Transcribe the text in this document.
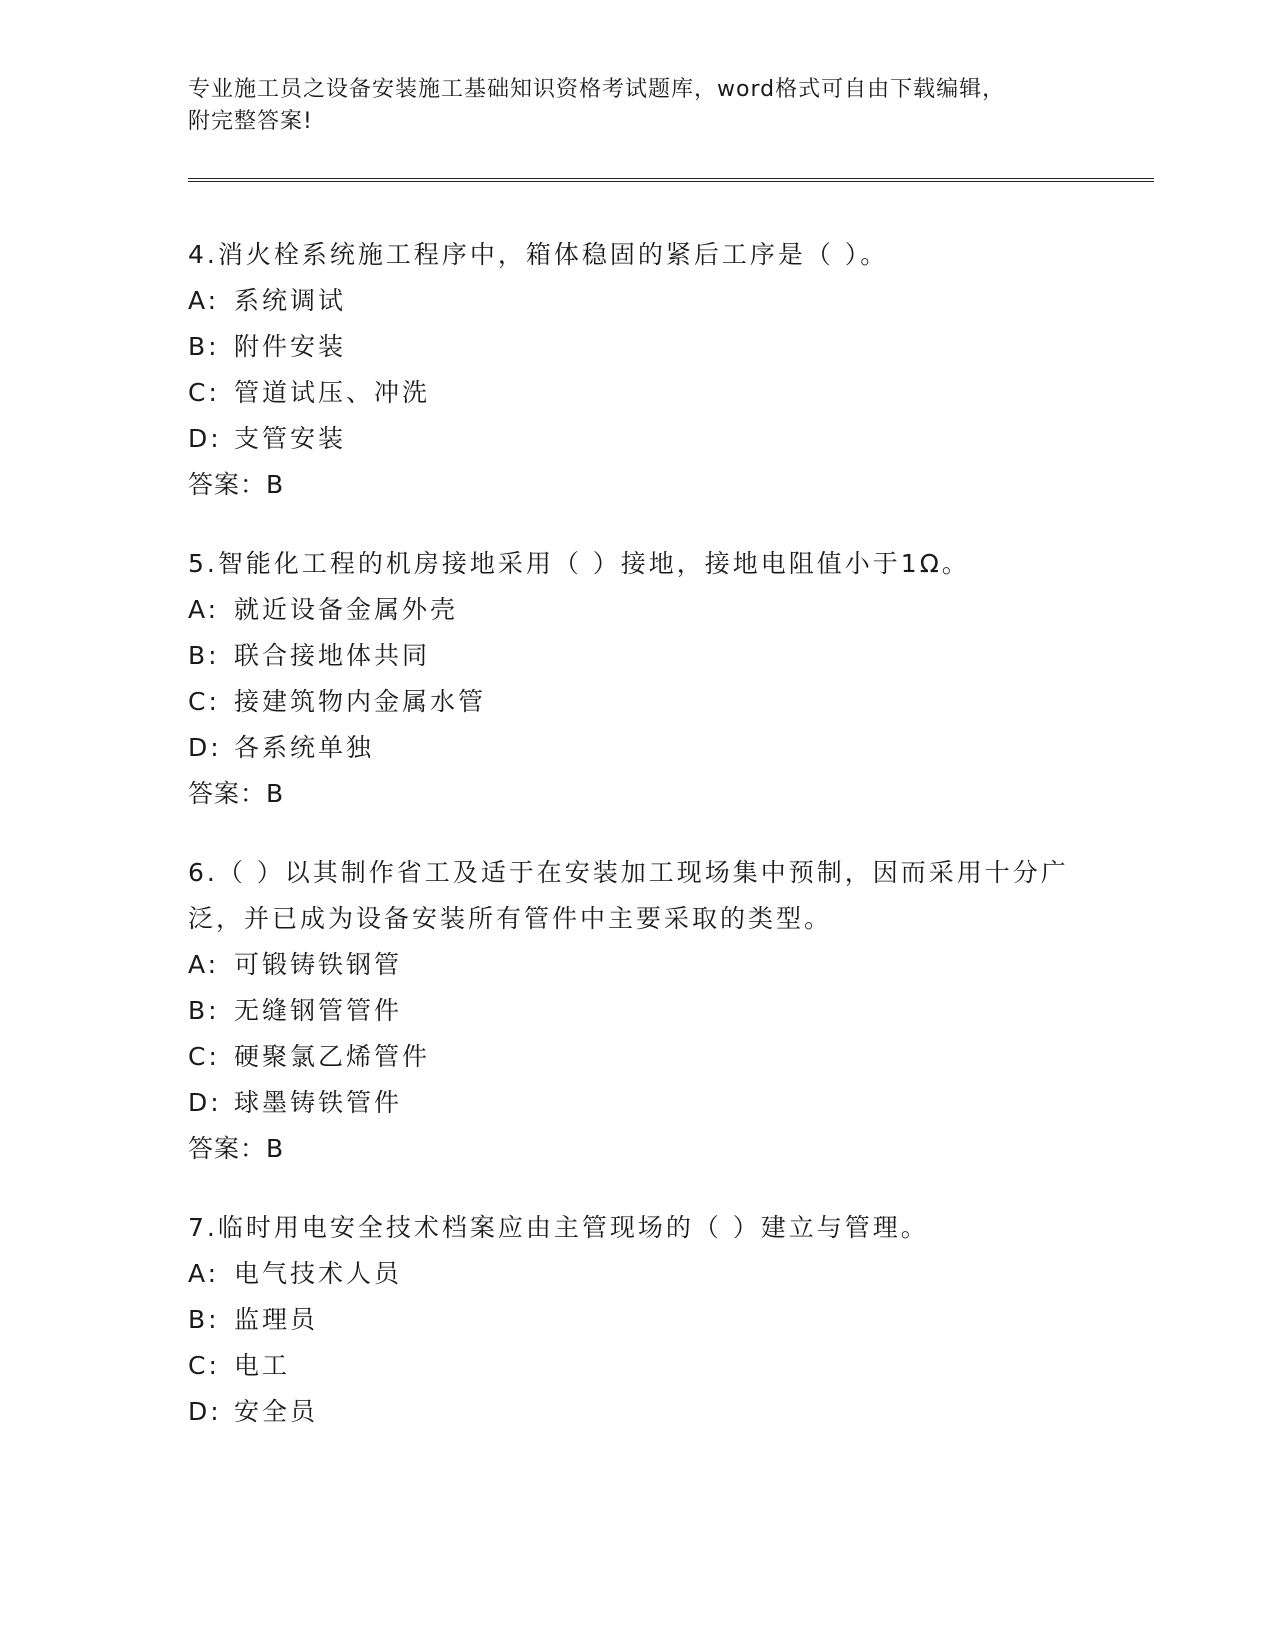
专业施工员之设备安装施工基础知识资格考试题库，word格式可自由下载编辑，
附完整答案!
4.消火栓系统施工程序中，箱体稳固的紧后工序是（ ）。
A: 系统调试
B: 附件安装
C: 管道试压、冲洗
D: 支管安装
答案：B
5.智能化工程的机房接地采用（ ）接地，接地电阻值小于1Ω。
A: 就近设备金属外壳
B: 联合接地体共同
C: 接建筑物内金属水管
D: 各系统单独
答案：B
6.（ ）以其制作省工及适于在安装加工现场集中预制，因而采用十分广泛，并已成为设备安装所有管件中主要采取的类型。
A: 可锻铸铁钢管
B: 无缝钢管管件
C: 硬聚氯乙烯管件
D: 球墨铸铁管件
答案：B
7.临时用电安全技术档案应由主管现场的（ ）建立与管理。
A: 电气技术人员
B: 监理员
C: 电工
D: 安全员
